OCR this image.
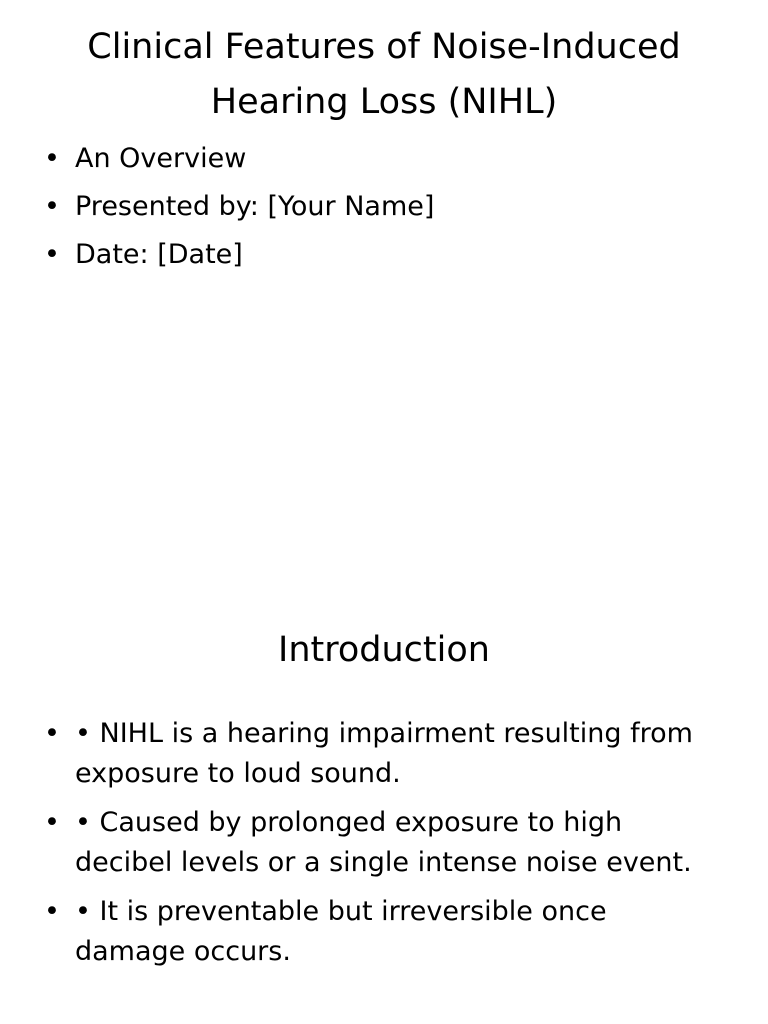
Clinical Features of Noise-Induced Hearing Loss (NIHL)
• An Overview
• Presented by: [Your Name]
• Date: [Date]
Introduction
• • NIHL is a hearing impairment resulting from exposure to loud sound.
• • Caused by prolonged exposure to high decibel levels or a single intense noise event.
• • It is preventable but irreversible once damage occurs.
